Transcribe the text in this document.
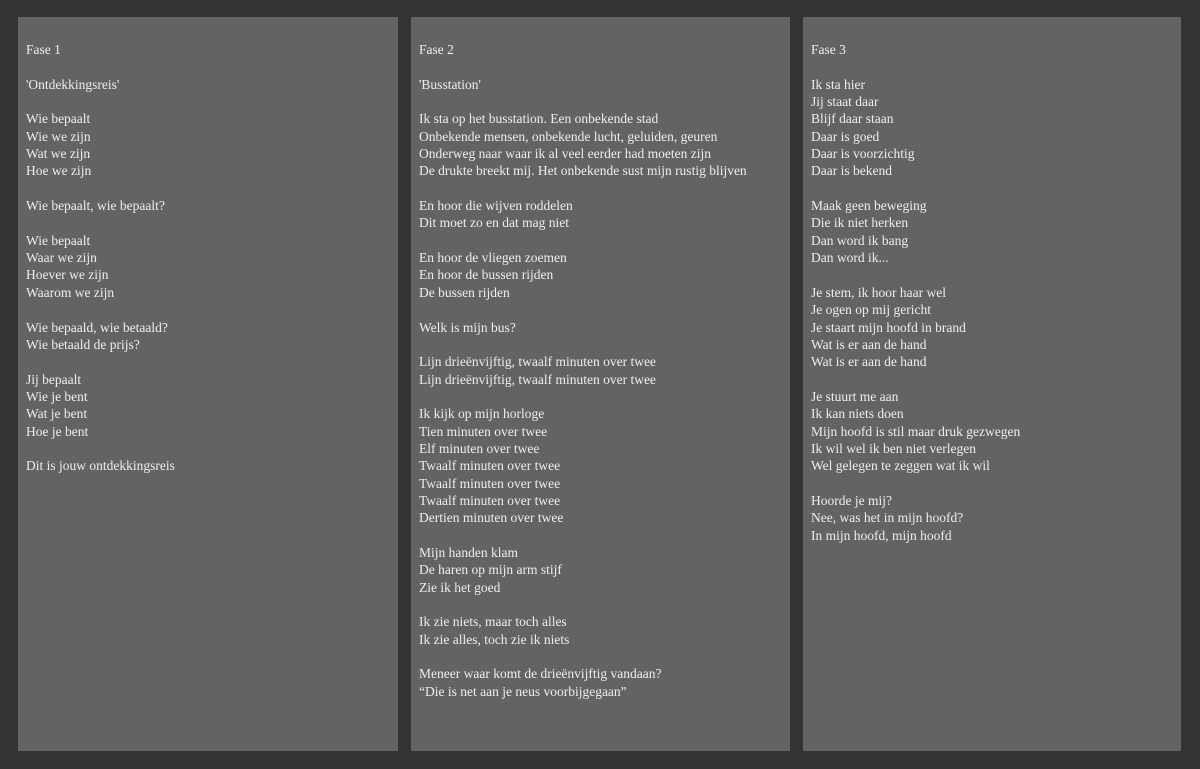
Fase 1
'Ontdekkingsreis'
Wie bepaalt
Wie we zijn
Wat we zijn
Hoe we zijn
Wie bepaalt, wie bepaalt?
Wie bepaalt
Waar we zijn
Hoever we zijn
Waarom we zijn
Wie bepaald, wie betaald?
Wie betaald de prijs?
Jij bepaalt
Wie je bent
Wat je bent
Hoe je bent
Dit is jouw ontdekkingsreis
Fase 2
'Busstation'
Ik sta op het busstation. Een onbekende stad
Onbekende mensen, onbekende lucht, geluiden, geuren
Onderweg naar waar ik al veel eerder had moeten zijn
De drukte breekt mij. Het onbekende sust mijn rustig blijven
En hoor die wijven roddelen
Dit moet zo en dat mag niet
En hoor de vliegen zoemen
En hoor de bussen rijden
De bussen rijden
Welk is mijn bus?
Lijn drieënvijftig, twaalf minuten over twee
Lijn drieënvijftig, twaalf minuten over twee
Ik kijk op mijn horloge
Tien minuten over twee
Elf minuten over twee
Twaalf minuten over twee
Twaalf minuten over twee
Twaalf minuten over twee
Dertien minuten over twee
Mijn handen klam
De haren op mijn arm stijf
Zie ik het goed
Ik zie niets, maar toch alles
Ik zie alles, toch zie ik niets
Meneer waar komt de drieënvijftig vandaan?
“Die is net aan je neus voorbijgegaan”
Fase 3
Ik sta hier
Jij staat daar
Blijf daar staan
Daar is goed
Daar is voorzichtig
Daar is bekend
Maak geen beweging
Die ik niet herken
Dan word ik bang
Dan word ik...
Je stem, ik hoor haar wel
Je ogen op mij gericht
Je staart mijn hoofd in brand
Wat is er aan de hand
Wat is er aan de hand
Je stuurt me aan
Ik kan niets doen
Mijn hoofd is stil maar druk gezwegen
Ik wil wel ik ben niet verlegen
Wel gelegen te zeggen wat ik wil
Hoorde je mij?
Nee, was het in mijn hoofd?
In mijn hoofd, mijn hoofd
